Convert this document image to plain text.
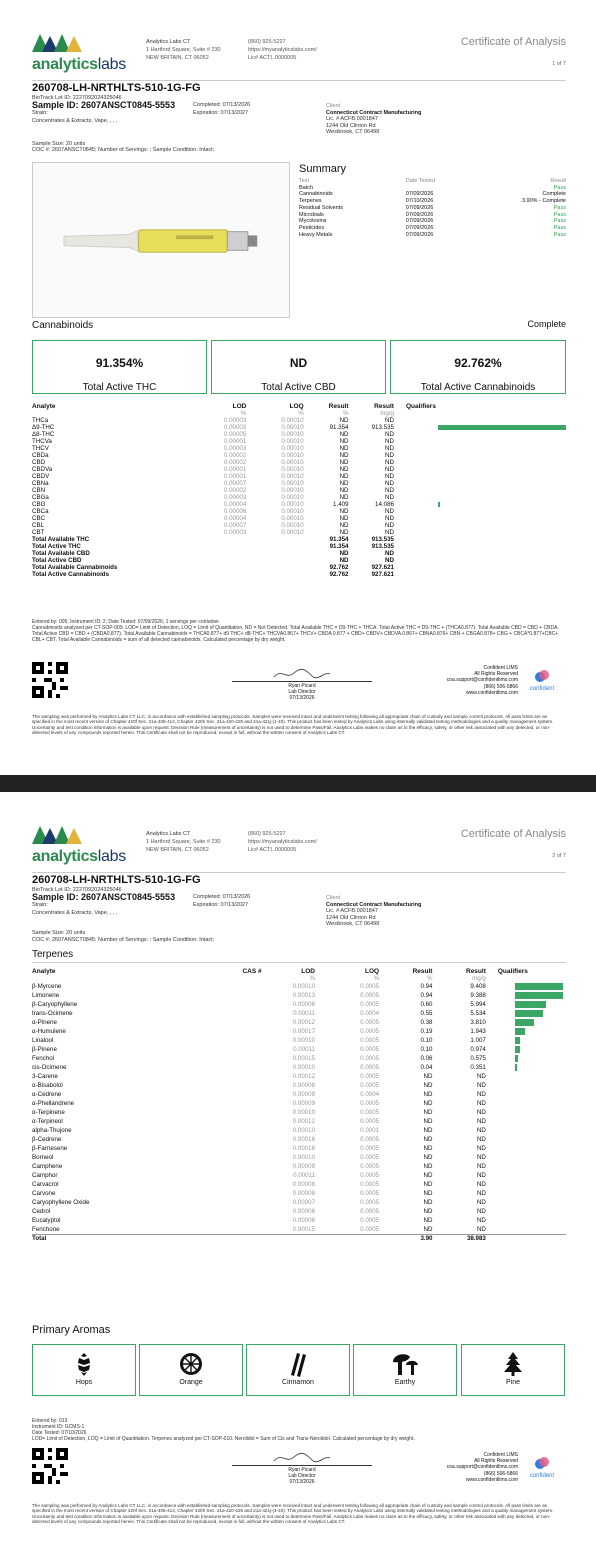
analyticslabs
Analytics Labs CT
1 Hartford Square, Suite # 230
NEW BRITAIN, CT 06052
(860) 925-5227
https://myanalyticslabs.com/
Lic# ACTL.0000005
Certificate of Analysis
1 of 7
260708-LH-NRTHLTS-510-1G-FG
BioTrack Lot ID: 2227092024325046
Sample ID: 2607ANSCT0845-5553	Completed: 07/13/2026
Expiration: 07/13/2027
Strain:
Concentrates & Extracts, Vape, , , ,
Client
Connecticut Contract Manufacturing
Lic. # ACFB.0001847
1244 Old Clinton Rd
Westbrook, CT 06498
Sample Size: 20 units
COC #: 2607ANSCT0845; Number of Servings: ; Sample Condition: Intact;
Summary
Test	Date Tested	Result
Batch		Pass
Cannabinoids	07/09/2026	Complete
Terpenes	07/10/2026	3.90% - Complete
Residual Solvents	07/09/2026	Pass
Microbials	07/09/2026	Pass
Mycotoxins	07/09/2026	Pass
Pesticides	07/09/2026	Pass
Heavy Metals	07/09/2026	Pass
Cannabinoids	Complete
91.354%
Total Active THC
ND
Total Active CBD
92.762%
Total Active Cannabinoids
Analyte	LOD	LOQ	Result	Result	Qualifiers
	%	%	%	mg/g	
THCa	0.00003	0.00010	ND	ND	
Δ9-THC	0.00003	0.00010	91.354	913.535	
Δ8-THC	0.00005	0.00010	ND	ND	
THCVa	0.00001	0.00010	ND	ND	
THCV	0.00003	0.00010	ND	ND	
CBDa	0.00002	0.00010	ND	ND	
CBD	0.00002	0.00010	ND	ND	
CBDVa	0.00001	0.00010	ND	ND	
CBDV	0.00001	0.00010	ND	ND	
CBNa	0.00007	0.00010	ND	ND	
CBN	0.00002	0.00010	ND	ND	
CBGa	0.00003	0.00010	ND	ND	
CBG	0.00004	0.00010	1.409	14.086	
CBCa	0.00006	0.00010	ND	ND	
CBC	0.00004	0.00010	ND	ND	
CBL	0.00007	0.00010	ND	ND	
CBT	0.00003	0.00010	ND	ND	
Total Available THC			91.354	913.535	
Total Active THC			91.354	913.535	
Total Available CBD			ND	ND	
Total Active CBD			ND	ND	
Total Available Cannabinoids			92.762	927.621	
Total Active Cannabinoids			92.762	927.621	
Entered by: 005; Instrument ID: 2; Date Tested: 07/09/2026; 1 servings per container.
Cannabinoids analyzed per CT-SOP-009. LOD= Limit of Detection, LOQ = Limit of Quantitation, ND = Not Detected. Total Available THC = D9-THC + THCA. Total Active THC = D9-THC + (THCA0.877). Total Available CBD = CBD + CBDA. Total Active CBD = CBD + (CBDA0.877). Total Available Cannabinoids = THCA0.877+ d9 THC+ d8-THC+ THCVA0.867+ THCV+ CBDA 0.877 + CBD+ CBDV+ CBDVA 0.867+ CBNA0.876+ CBN + CBGA0.878+ CBG + CBCA*0.877+CBC+ CBL+ CBT. Total Available Cannabinoids = sum of all detected cannabinoids. Calculated percentage by dry weight.
Ryan Picard
Lab Director
07/13/2026
Confident LIMS
All Rights Reserved
coa.support@confidentlims.com
(866) 506-5866
www.confidentlims.com
confident
The sampling was performed by Analytics Labs CT LLC, in accordance with established sampling protocols. Samples were received intact and underwent testing following all appropriate chain of custody and sample control protocols. All pass limits are as specified in the most recent version of Chapter 420f Sec. 21a-408-414, Chapter 420h Sec. 21a-420-429 and 21a-421j-(1-40). This product has been tested by Analytics Labs using internally validated testing methodologies and a quality management system. Uncertainty and test condition information is available upon request. Decision Rule (measurement of uncertainty) is not used to determine Pass/Fail. Analytics Labs makes no claim as to the efficacy, safety, or other risk associated with any detected, or non-detected levels of any compounds reported herein. This Certificate shall not be reproduced, except in full, without the written consent of Analytics Labs CT.
analyticslabs
Analytics Labs CT
1 Hartford Square, Suite # 230
NEW BRITAIN, CT 06052
(860) 925-5227
https://myanalyticslabs.com/
Lic# ACTL.0000005
Certificate of Analysis
2 of 7
260708-LH-NRTHLTS-510-1G-FG
BioTrack Lot ID: 2227092024325046
Sample ID: 2607ANSCT0845-5553	Completed: 07/13/2026
Expiration: 07/13/2027
Strain:
Concentrates & Extracts, Vape, , , ,
Client
Connecticut Contract Manufacturing
Lic. # ACFB.0001847
1244 Old Clinton Rd
Westbrook, CT 06498
Sample Size: 20 units
COC #: 2607ANSCT0845; Number of Servings: ; Sample Condition: Intact;
Terpenes
Analyte	CAS #	LOD	LOQ	Result	Result	Qualifiers
		%	%	%	mg/g	
β-Myrcene		0.00010	0.0005	0.94	9.408	
Limonene		0.00013	0.0005	0.94	9.388	
β-Caryophyllene		0.00006	0.0005	0.60	5.994	
trans-Ocimene		0.00011	0.0004	0.55	5.534	
α-Pinene		0.00012	0.0005	0.38	3.810	
α-Humulene		0.00017	0.0005	0.19	1.943	
Linalool		0.00010	0.0005	0.10	1.007	
β-Pinene		0.00011	0.0005	0.10	0.974	
Fenchol		0.00015	0.0005	0.06	0.575	
cis-Ocimene		0.00010	0.0005	0.04	0.351	
3-Carene		0.00012	0.0005	ND	ND	
α-Bisabolol		0.00008	0.0005	ND	ND	
α-Cedrene		0.00009	0.0004	ND	ND	
α-Phellandrene		0.00009	0.0005	ND	ND	
α-Terpinene		0.00010	0.0005	ND	ND	
α-Terpineol		0.00012	0.0005	ND	ND	
alpha-Thujone		0.00010	0.0001	ND	ND	
β-Cedrene		0.00016	0.0005	ND	ND	
β-Farnesene		0.00016	0.0005	ND	ND	
Borneol		0.00010	0.0005	ND	ND	
Camphene		0.00009	0.0005	ND	ND	
Camphor		0.00011	0.0005	ND	ND	
Carvacrol		0.00008	0.0005	ND	ND	
Carvone		0.00008	0.0005	ND	ND	
Caryophyllene Oxide		0.00007	0.0005	ND	ND	
Cedrol		0.00006	0.0005	ND	ND	
Eucalyptol		0.00008	0.0005	ND	ND	
Fenchone		0.00015	0.0005	ND	ND	
Total				3.90	38.983	
Primary Aromas
Hops	Orange	Cinnamon	Earthy	Pine
Entered by: 013
Instrument ID: GCMS-1
Date Tested: 07/10/2026
LOD= Limit of Detection, LOQ = Limit of Quantitation. Terpenes analyzed per CT-SOP-010. Nerolidol = Sum of Cis and Trans-Nerolidol. Calculated percentage by dry weight.
Ryan Picard
Lab Director
07/13/2026
Confident LIMS
All Rights Reserved
coa.support@confidentlims.com
(866) 506-5866
www.confidentlims.com
confident
The sampling was performed by Analytics Labs CT LLC, in accordance with established sampling protocols. Samples were received intact and underwent testing following all appropriate chain of custody and sample control protocols. All pass limits are as specified in the most recent version of Chapter 420f Sec. 21a-408-414, Chapter 420h Sec. 21a-420-429 and 21a-421j-(1-40). This product has been tested by Analytics Labs using internally validated testing methodologies and a quality management system. Uncertainty and test condition information is available upon request. Decision Rule (measurement of uncertainty) is not used to determine Pass/Fail. Analytics Labs makes no claim as to the efficacy, safety, or other risk associated with any detected, or non-detected levels of any compounds reported herein. This Certificate shall not be reproduced, except in full, without the written consent of Analytics Labs CT.
